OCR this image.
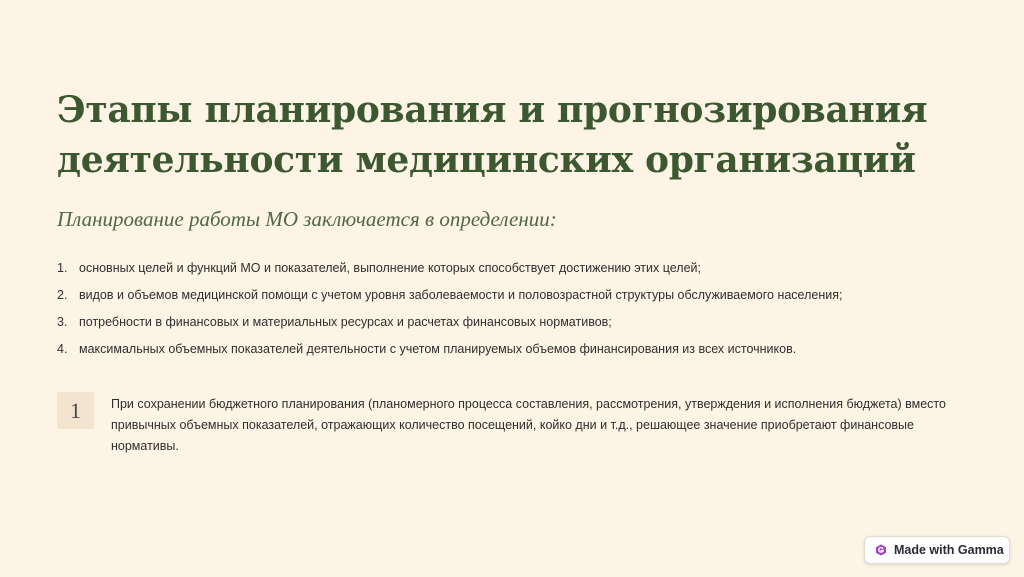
Этапы планирования и прогнозирования деятельности медицинских организаций

Планирование работы МО заключается в определении:

1. основных целей и функций МО и показателей, выполнение которых способствует достижению этих целей;
2. видов и объемов медицинской помощи с учетом уровня заболеваемости и половозрастной структуры обслуживаемого населения;
3. потребности в финансовых и материальных ресурсах и расчетах финансовых нормативов;
4. максимальных объемных показателей деятельности с учетом планируемых объемов финансирования из всех источников.
1	При сохранении бюджетного планирования (планомерного процесса составления, рассмотрения, утверждения и исполнения бюджета) вместо привычных объемных показателей, отражающих количество посещений, койко дни и т.д., решающее значение приобретают финансовые нормативы.
Made with Gamma
